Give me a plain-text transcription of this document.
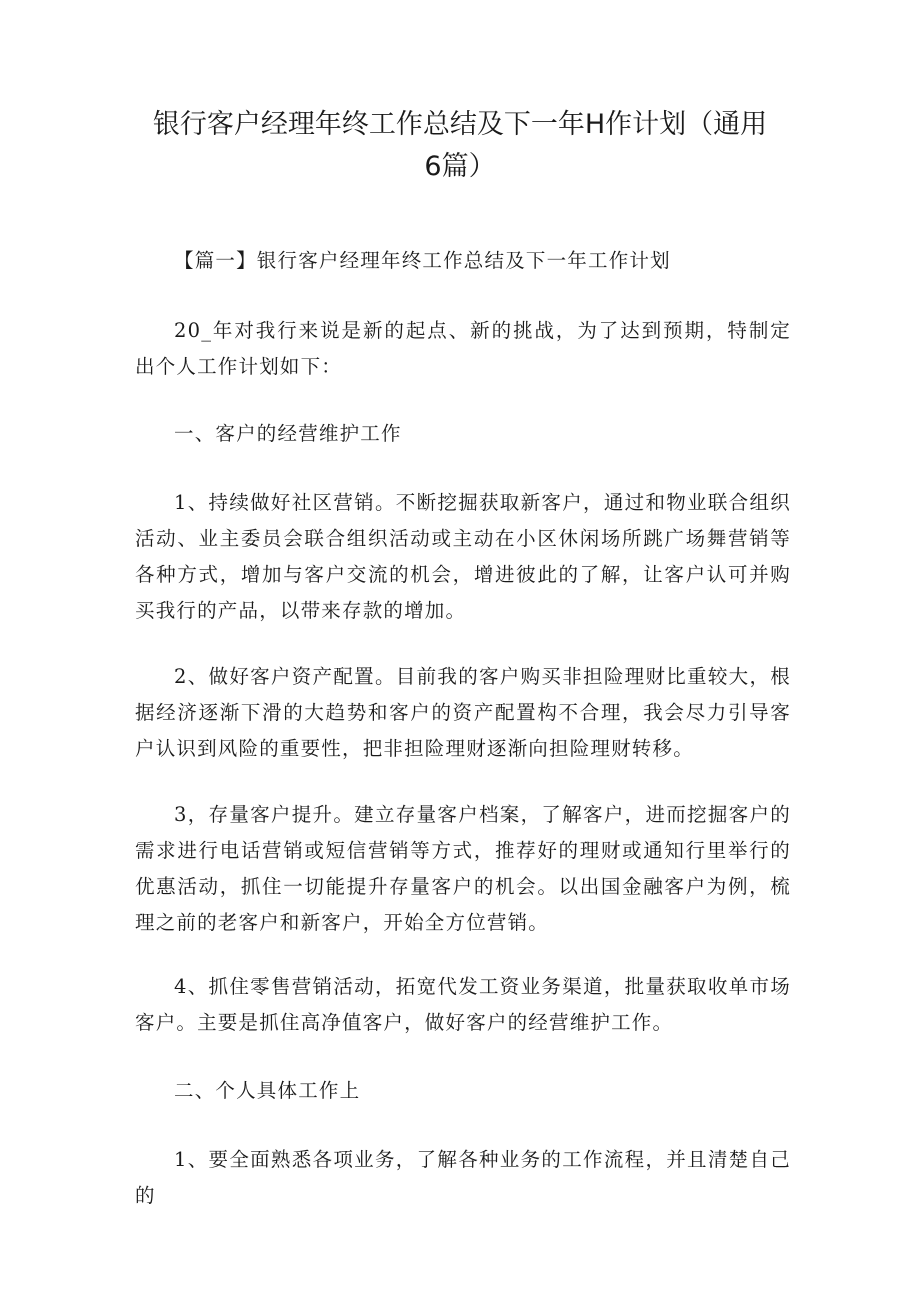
银行客户经理年终工作总结及下一年H作计划（通用6篇）

【篇一】银行客户经理年终工作总结及下一年工作计划

20_年对我行来说是新的起点、新的挑战，为了达到预期，特制定出个人工作计划如下：

一、客户的经营维护工作

1、持续做好社区营销。不断挖掘获取新客户，通过和物业联合组织活动、业主委员会联合组织活动或主动在小区休闲场所跳广场舞营销等各种方式，增加与客户交流的机会，增进彼此的了解，让客户认可并购买我行的产品，以带来存款的增加。

2、做好客户资产配置。目前我的客户购买非担险理财比重较大，根据经济逐渐下滑的大趋势和客户的资产配置构不合理，我会尽力引导客户认识到风险的重要性，把非担险理财逐渐向担险理财转移。

3，存量客户提升。建立存量客户档案，了解客户，进而挖掘客户的需求进行电话营销或短信营销等方式，推荐好的理财或通知行里举行的优惠活动，抓住一切能提升存量客户的机会。以出国金融客户为例，梳理之前的老客户和新客户，开始全方位营销。

4、抓住零售营销活动，拓宽代发工资业务渠道，批量获取收单市场客户。主要是抓住高净值客户，做好客户的经营维护工作。

二、个人具体工作上

1、要全面熟悉各项业务，了解各种业务的工作流程，并且清楚自己的
